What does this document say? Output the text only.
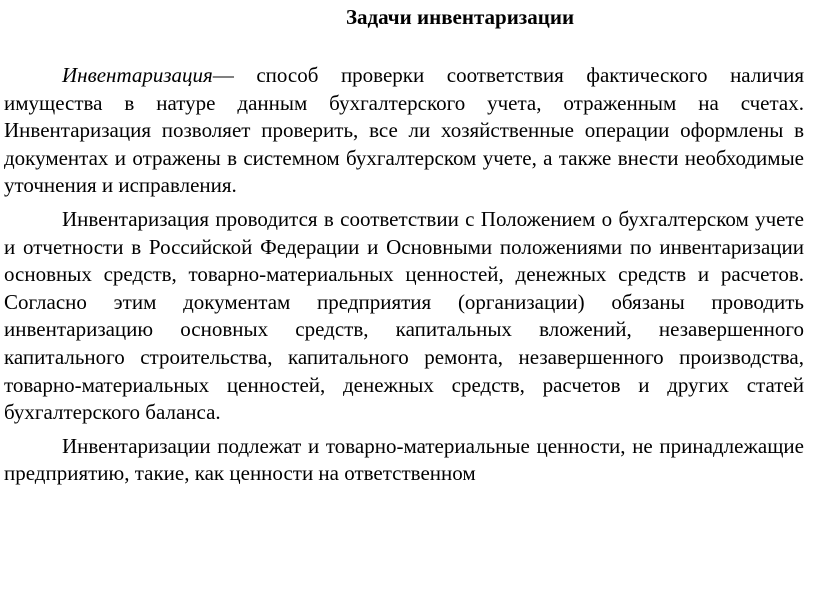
Задачи инвентаризации

Инвентаризация— способ проверки соответствия фактического наличия имущества в натуре данным бухгалтерского учета, отраженным на счетах. Инвентаризация позволяет проверить, все ли хозяйственные операции оформлены в документах и отражены в системном бухгалтерском учете, а также внести необходимые уточнения и исправления.

Инвентаризация проводится в соответствии с Положением о бухгалтерском учете и отчетности в Российской Федерации и Основными положениями по инвентаризации основных средств, товарно-материальных ценностей, денежных средств и расчетов. Согласно этим документам предприятия (организации) обязаны проводить инвентаризацию основных средств, капитальных вложений, незавершенного капитального строительства, капитального ремонта, незавершенного производства, товарно-материальных ценностей, денежных средств, расчетов и других статей бухгалтерского баланса.

Инвентаризации подлежат и товарно-материальные ценности, не принадлежащие предприятию, такие, как ценности на ответственном
